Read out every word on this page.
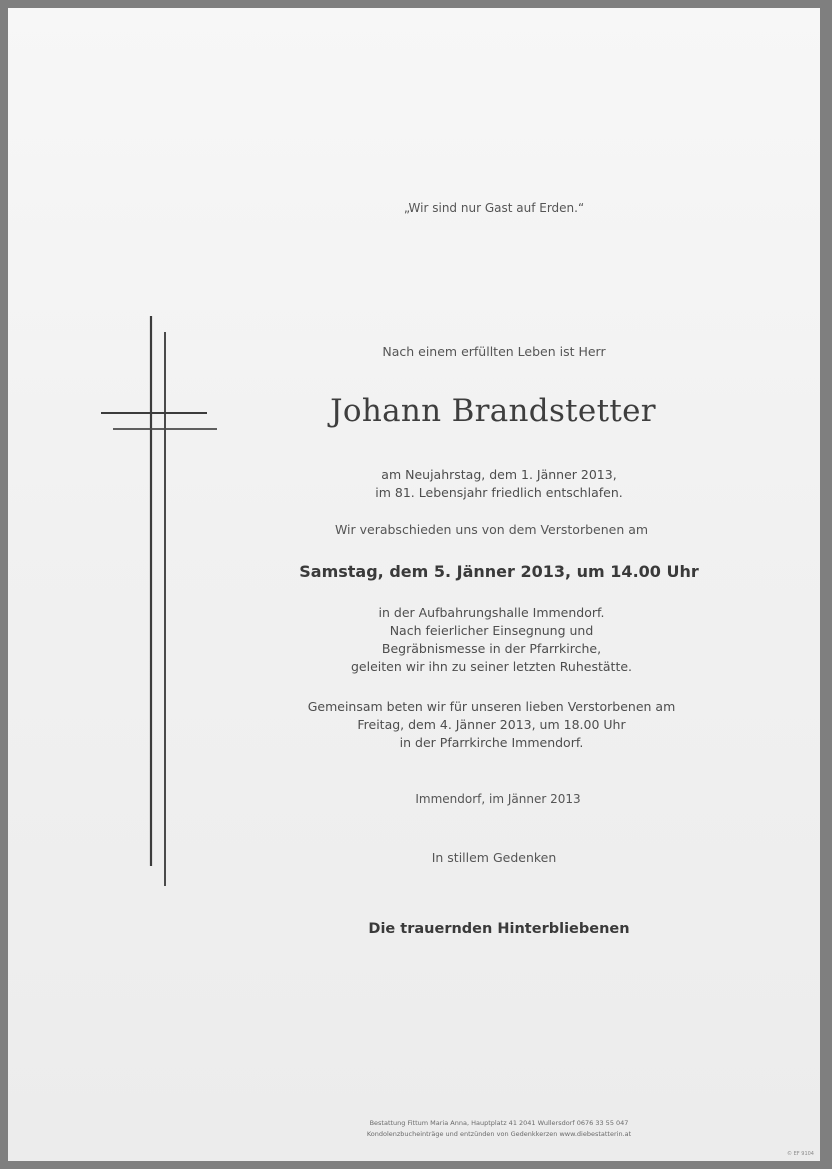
„Wir sind nur Gast auf Erden.“
Nach einem erfüllten Leben ist Herr
Johann Brandstetter
am Neujahrstag, dem 1. Jänner 2013,
im 81. Lebensjahr friedlich entschlafen.
Wir verabschieden uns von dem Verstorbenen am
Samstag, dem 5. Jänner 2013, um 14.00 Uhr
in der Aufbahrungshalle Immendorf.
Nach feierlicher Einsegnung und
Begräbnismesse in der Pfarrkirche,
geleiten wir ihn zu seiner letzten Ruhestätte.
Gemeinsam beten wir für unseren lieben Verstorbenen am
Freitag, dem 4. Jänner 2013, um 18.00 Uhr
in der Pfarrkirche Immendorf.
Immendorf, im Jänner 2013
In stillem Gedenken
Die trauernden Hinterbliebenen
Bestattung Fittum Maria Anna, Hauptplatz 41 2041 Wullersdorf 0676 33 55 047
Kondolenzbucheinträge und entzünden von Gedenkkerzen www.diebestatterin.at
© EF 9104
